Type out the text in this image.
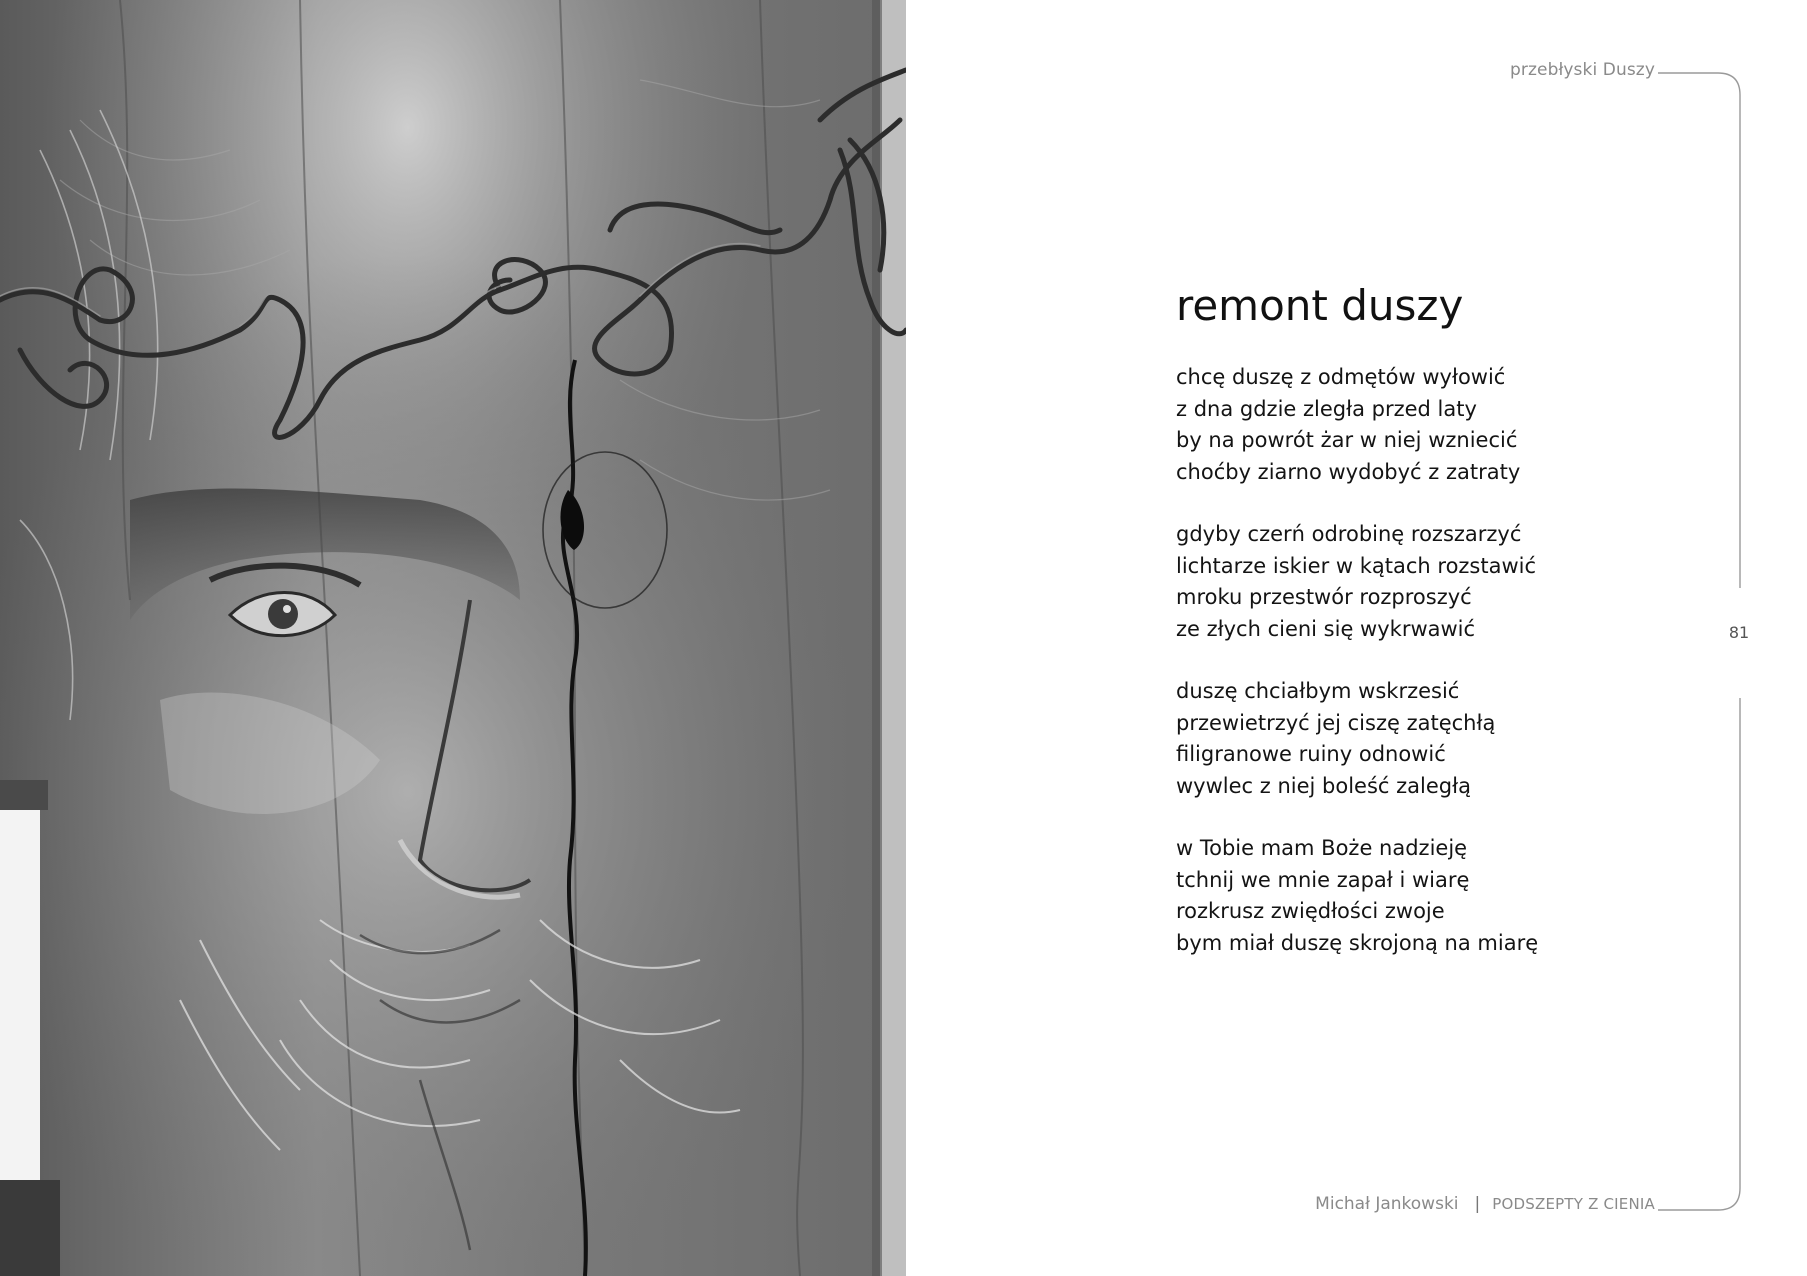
przebłyski Duszy
81
remont duszy
chcę duszę z odmętów wyłowić
z dna gdzie zległa przed laty
by na powrót żar w niej wzniecić
choćby ziarno wydobyć z zatraty
gdyby czerń odrobinę rozszarzyć
lichtarze iskier w kątach rozstawić
mroku przestwór rozproszyć
ze złych cieni się wykrwawić
duszę chciałbym wskrzesić
przewietrzyć jej ciszę zatęchłą
filigranowe ruiny odnowić
wywlec z niej boleść zaległą
w Tobie mam Boże nadzieję
tchnij we mnie zapał i wiarę
rozkrusz zwiędłości zwoje
bym miał duszę skrojoną na miarę
Michał Jankowski | PODSZEPTY Z CIENIA
